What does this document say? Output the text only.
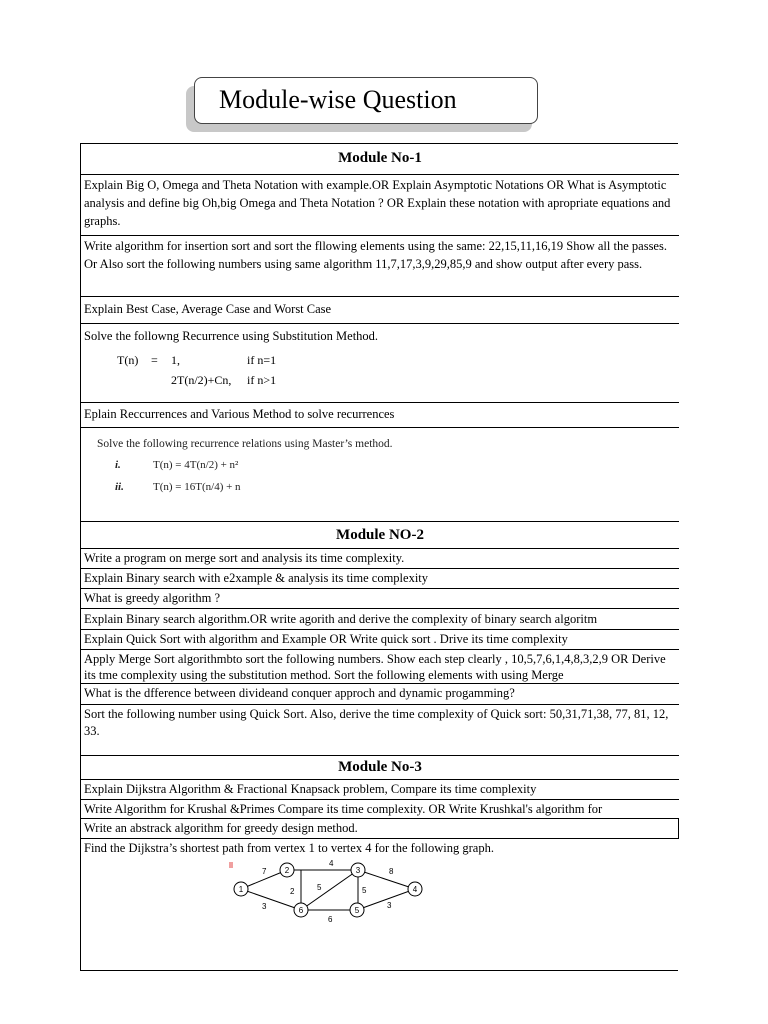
Module-wise Question
Module No-1
Explain Big O, Omega and Theta Notation with example.OR Explain Asymptotic Notations OR What is Asymptotic analysis and define big Oh,big Omega and Theta Notation ? OR Explain these notation with apropriate equations and graphs.
Write algorithm for insertion sort and sort the fllowing elements using the same: 22,15,11,16,19 Show all the passes. Or Also sort the following numbers using same algorithm 11,7,17,3,9,29,85,9 and show output after every pass.
Explain Best Case, Average Case and Worst Case
Solve the followng Recurrence using Substitution Method.
T(n) = 1,	if n=1
2T(n/2)+Cn, if n>1
Eplain Reccurrences and Various Method to solve recurrences
Solve the following recurrence relations using Master’s method.
i.	T(n) = 4T(n/2) + n²
ii.	T(n) = 16T(n/4) + n
Module NO-2
Write a program on merge sort and analysis its time complexity.
Explain Binary search with e2xample & analysis its time complexity
What is greedy algorithm ?
Explain Binary search algorithm.OR write agorith and derive the complexity of binary search algoritm
Explain Quick Sort with algorithm and Example OR Write quick sort . Drive its time complexity
Apply Merge Sort algorithmbto sort the following numbers. Show each step clearly , 10,5,7,6,1,4,8,3,2,9 OR Derive its tme complexity using the substitution method. Sort the following elements with using Merge
What is the dfference between divideand conquer approch and dynamic progamming?
Sort the following number using Quick Sort. Also, derive the time complexity of Quick sort: 50,31,71,38, 77, 81, 12, 33.
Module No-3
Explain Dijkstra Algorithm & Fractional Knapsack problem, Compare its time complexity
Write Algorithm for Krushal &Primes Compare its time complexity. OR Write Krushkal's algorithm for
Write an abstrack algorithm for greedy design method.
Find the Dijkstra’s shortest path from vertex 1 to vertex 4 for the following graph.
7
4
8
2	5	5
3	3
6
1
2	3
4
5
6
